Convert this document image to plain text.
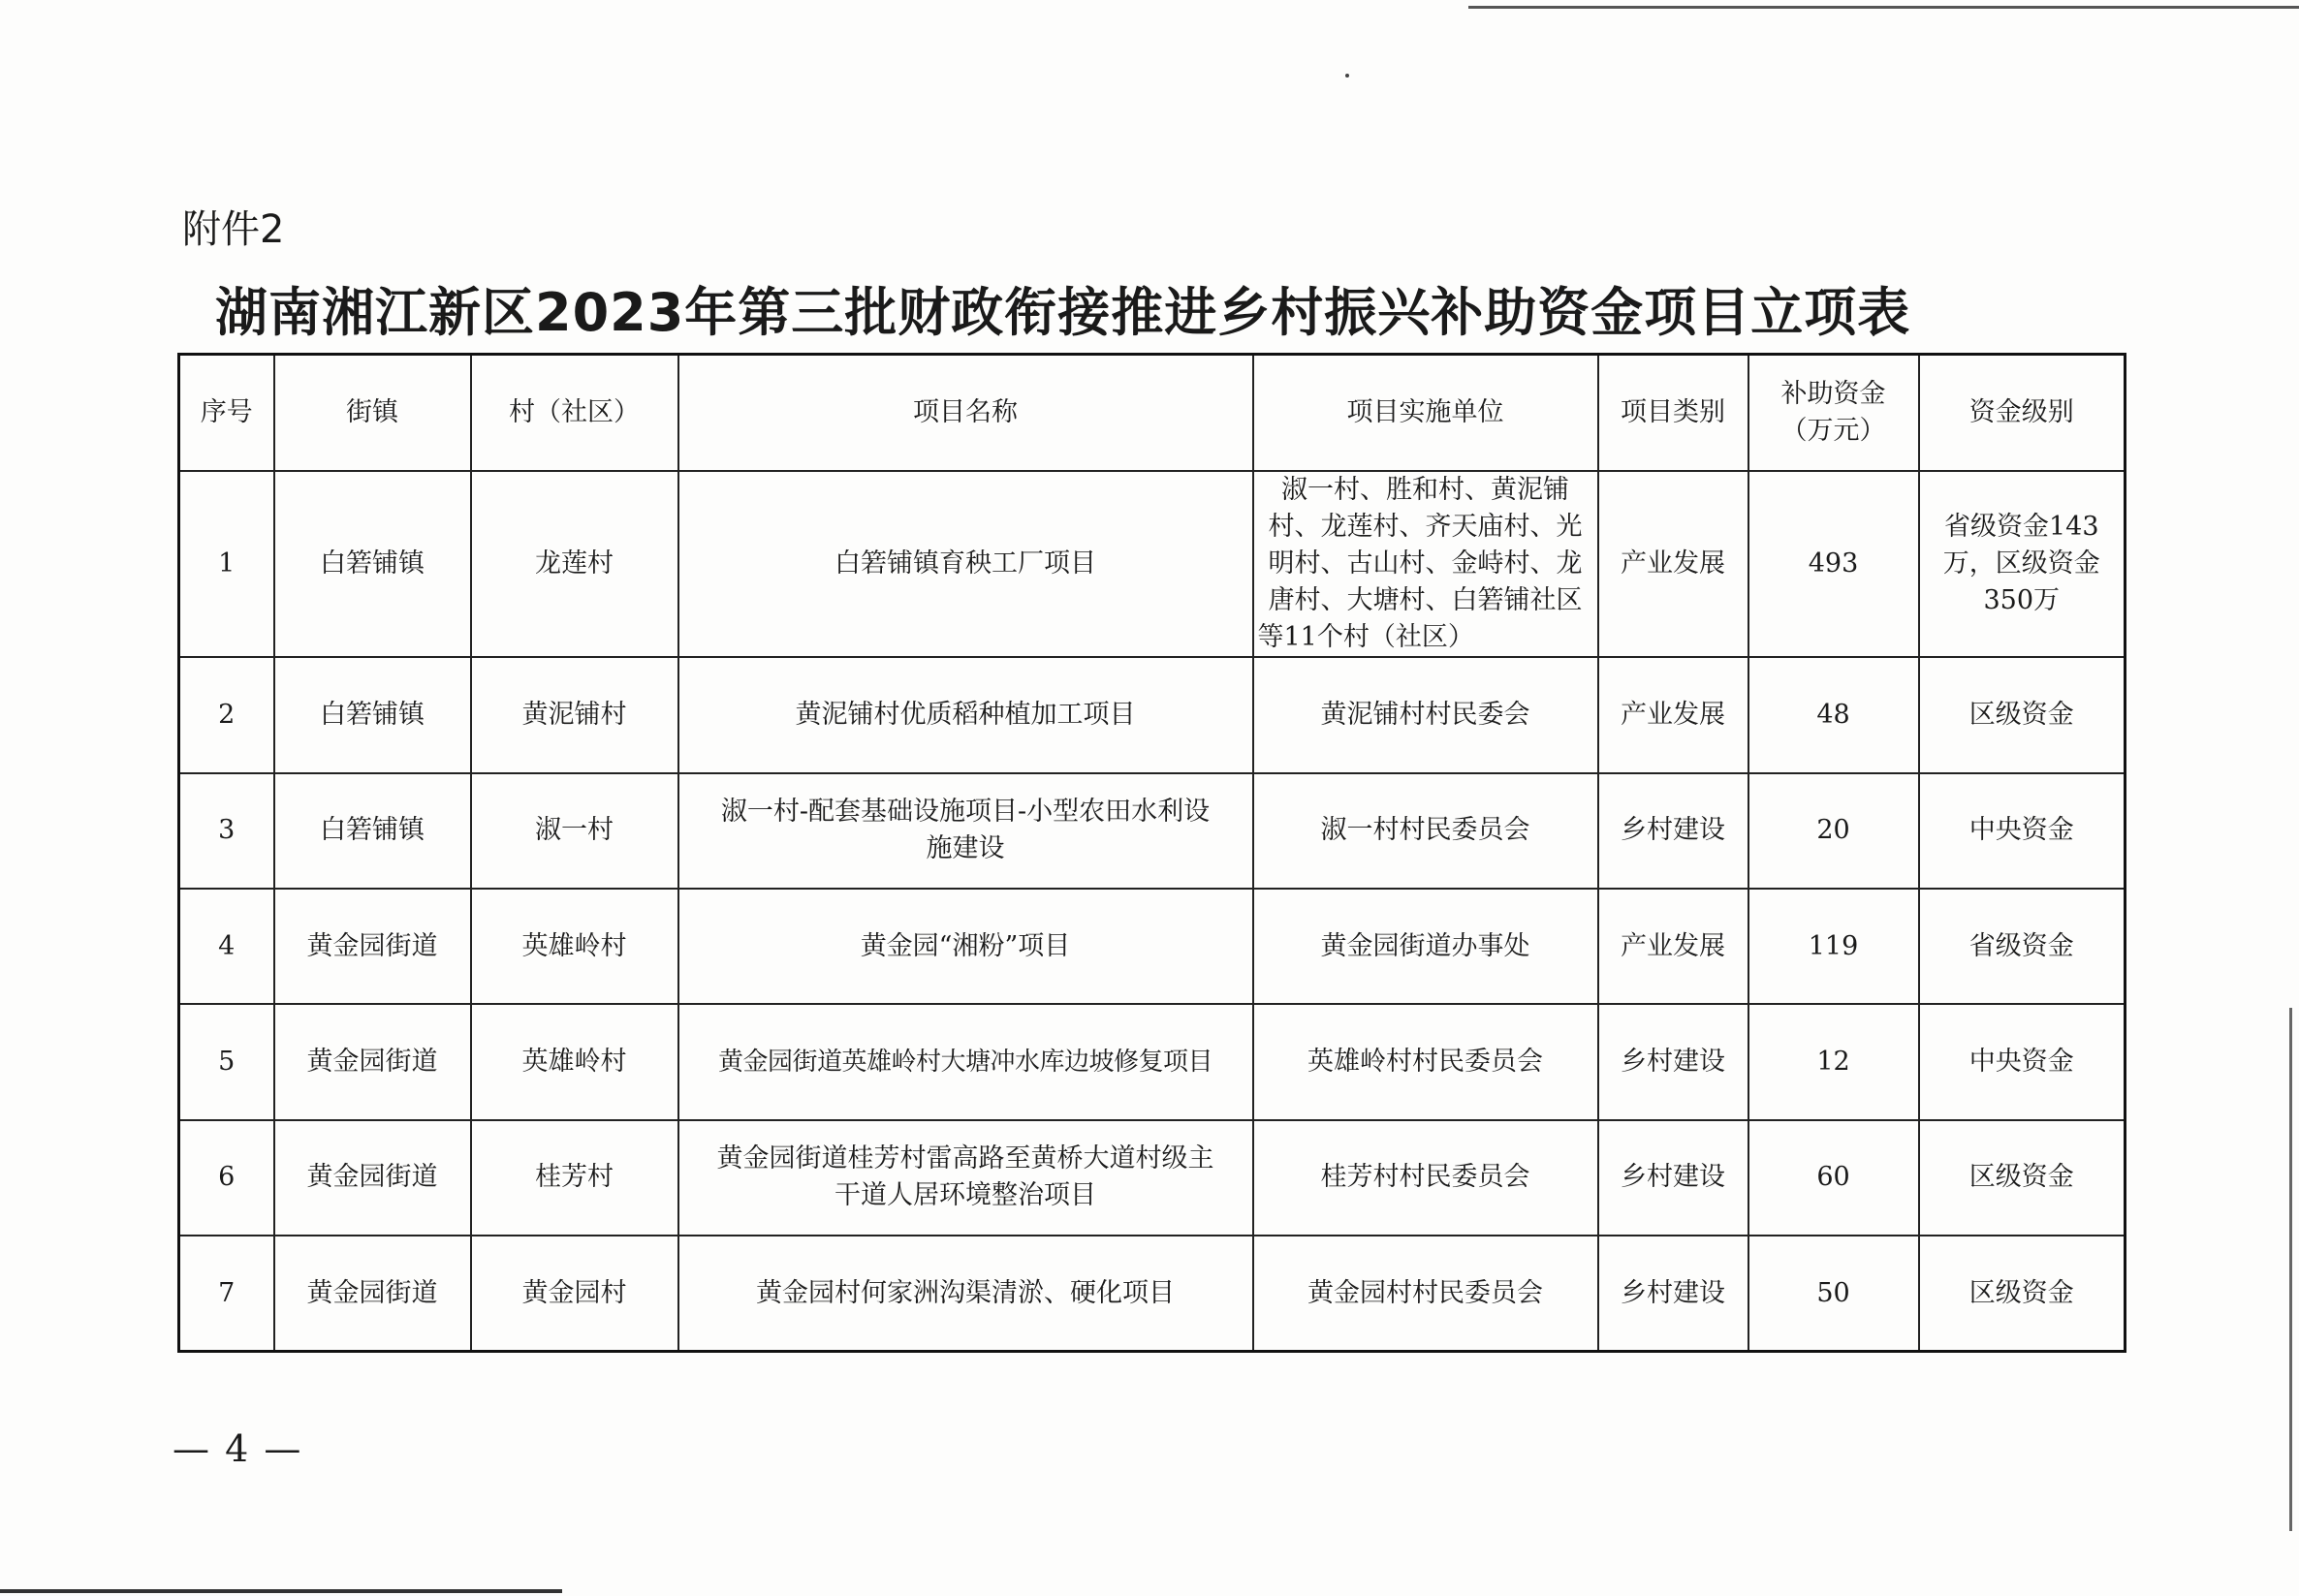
附件2
湖南湘江新区2023年第三批财政衔接推进乡村振兴补助资金项目立项表
序号	街镇	村（社区）	项目名称	项目实施单位	项目类别	补助资金（万元）	资金级别
1	白箬铺镇	龙莲村	白箬铺镇育秧工厂项目	淑一村、胜和村、黄泥铺村、龙莲村、齐天庙村、光明村、古山村、金峙村、龙唐村、大塘村、白箬铺社区等11个村（社区）	产业发展	493	省级资金143万，区级资金350万
2	白箬铺镇	黄泥铺村	黄泥铺村优质稻种植加工项目	黄泥铺村村民委会	产业发展	48	区级资金
3	白箬铺镇	淑一村	淑一村-配套基础设施项目-小型农田水利设施建设	淑一村村民委员会	乡村建设	20	中央资金
4	黄金园街道	英雄岭村	黄金园“湘粉”项目	黄金园街道办事处	产业发展	119	省级资金
5	黄金园街道	英雄岭村	黄金园街道英雄岭村大塘冲水库边坡修复项目	英雄岭村村民委员会	乡村建设	12	中央资金
6	黄金园街道	桂芳村	黄金园街道桂芳村雷高路至黄桥大道村级主干道人居环境整治项目	桂芳村村民委员会	乡村建设	60	区级资金
7	黄金园街道	黄金园村	黄金园村何家洲沟渠清淤、硬化项目	黄金园村村民委员会	乡村建设	50	区级资金
— 4 —
